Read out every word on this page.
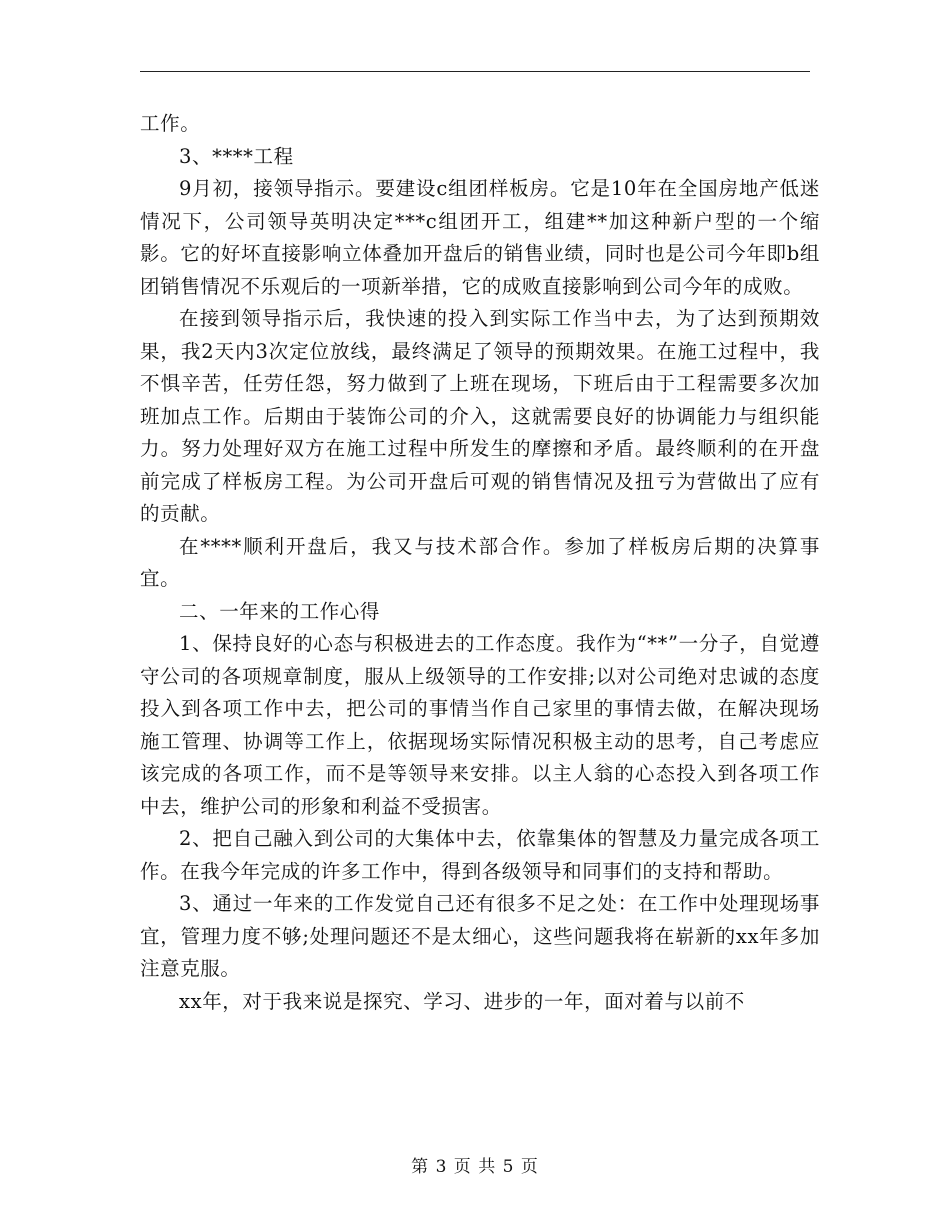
工作。

3、****工程

9月初，接领导指示。要建设c组团样板房。它是10年在全国房地产低迷情况下，公司领导英明决定***c组团开工，组建**加这种新户型的一个缩影。它的好坏直接影响立体叠加开盘后的销售业绩，同时也是公司今年即b组团销售情况不乐观后的一项新举措，它的成败直接影响到公司今年的成败。

在接到领导指示后，我快速的投入到实际工作当中去，为了达到预期效果，我2天内3次定位放线，最终满足了领导的预期效果。在施工过程中，我不惧辛苦，任劳任怨，努力做到了上班在现场，下班后由于工程需要多次加班加点工作。后期由于装饰公司的介入，这就需要良好的协调能力与组织能力。努力处理好双方在施工过程中所发生的摩擦和矛盾。最终顺利的在开盘前完成了样板房工程。为公司开盘后可观的销售情况及扭亏为营做出了应有的贡献。

在****顺利开盘后，我又与技术部合作。参加了样板房后期的决算事宜。

二、一年来的工作心得

1、保持良好的心态与积极进去的工作态度。我作为“**”一分子，自觉遵守公司的各项规章制度，服从上级领导的工作安排;以对公司绝对忠诚的态度投入到各项工作中去，把公司的事情当作自己家里的事情去做，在解决现场施工管理、协调等工作上，依据现场实际情况积极主动的思考，自己考虑应该完成的各项工作，而不是等领导来安排。以主人翁的心态投入到各项工作中去，维护公司的形象和利益不受损害。

2、把自己融入到公司的大集体中去，依靠集体的智慧及力量完成各项工作。在我今年完成的许多工作中，得到各级领导和同事们的支持和帮助。

3、通过一年来的工作发觉自己还有很多不足之处：在工作中处理现场事宜，管理力度不够;处理问题还不是太细心，这些问题我将在崭新的xx年多加注意克服。

xx年，对于我来说是探究、学习、进步的一年，面对着与以前不

第 3 页 共 5 页
